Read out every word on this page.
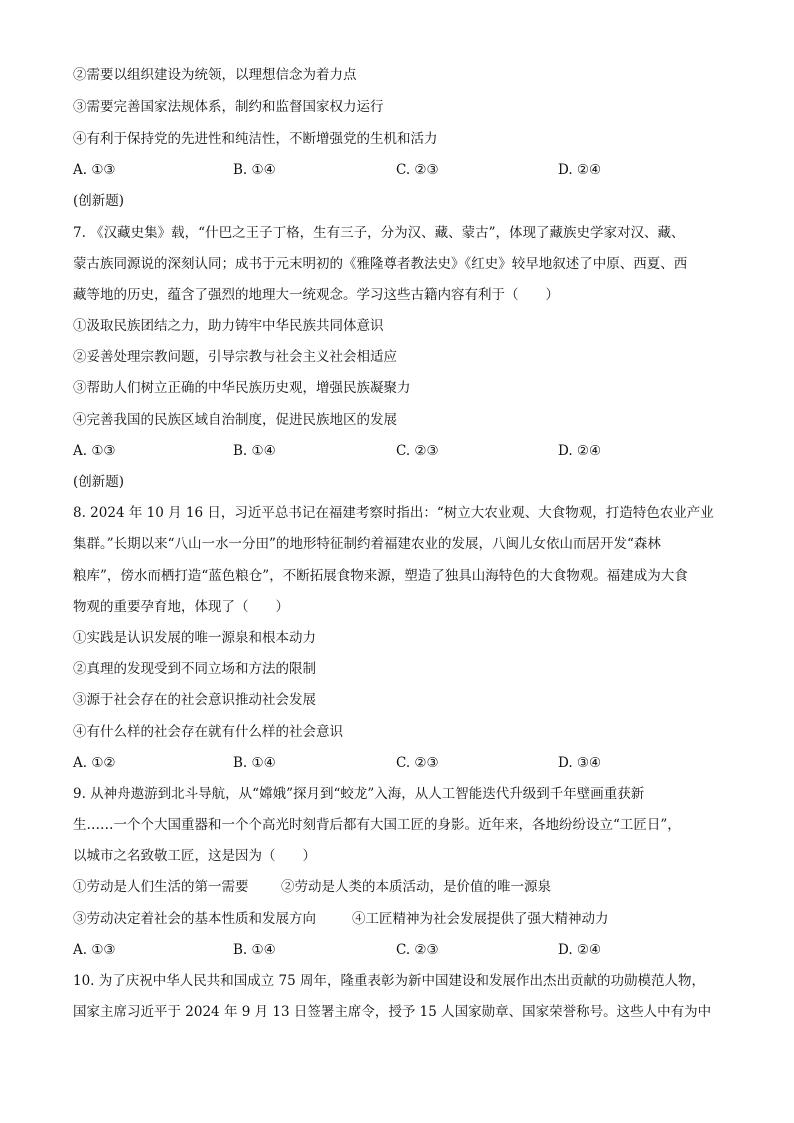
②需要以组织建设为统领，以理想信念为着力点
③需要完善国家法规体系，制约和监督国家权力运行
④有利于保持党的先进性和纯洁性，不断增强党的生机和活力
A. ①③	B. ①④	C. ②③	D. ②④
(创新题)
7. 《汉藏史集》载，“什巴之王子丁格，生有三子，分为汉、藏、蒙古”，体现了藏族史学家对汉、藏、
蒙古族同源说的深刻认同；成书于元末明初的《雅隆尊者教法史》《红史》较早地叙述了中原、西夏、西
藏等地的历史，蕴含了强烈的地理大一统观念。学习这些古籍内容有利于（　　）
①汲取民族团结之力，助力铸牢中华民族共同体意识
②妥善处理宗教问题，引导宗教与社会主义社会相适应
③帮助人们树立正确的中华民族历史观，增强民族凝聚力
④完善我国的民族区域自治制度，促进民族地区的发展
A. ①③	B. ①④	C. ②③	D. ②④
(创新题)
8. 2024 年 10 月 16 日，习近平总书记在福建考察时指出：“树立大农业观、大食物观，打造特色农业产业
集群。”长期以来“八山一水一分田”的地形特征制约着福建农业的发展，八闽儿女依山而居开发“森林
粮库”，傍水而栖打造“蓝色粮仓”，不断拓展食物来源，塑造了独具山海特色的大食物观。福建成为大食
物观的重要孕育地，体现了（　　）
①实践是认识发展的唯一源泉和根本动力
②真理的发现受到不同立场和方法的限制
③源于社会存在的社会意识推动社会发展
④有什么样的社会存在就有什么样的社会意识
A. ①②	B. ①④	C. ②③	D. ③④
9. 从神舟遨游到北斗导航，从“嫦娥”探月到“蛟龙”入海，从人工智能迭代升级到千年壁画重获新
生……一个个大国重器和一个个高光时刻背后都有大国工匠的身影。近年来，各地纷纷设立“工匠日”，
以城市之名致敬工匠，这是因为（　　）
①劳动是人们生活的第一需要 ②劳动是人类的本质活动，是价值的唯一源泉
③劳动决定着社会的基本性质和发展方向	④工匠精神为社会发展提供了强大精神动力
A. ①③	B. ①④	C. ②③	D. ②④
10. 为了庆祝中华人民共和国成立 75 周年，隆重表彰为新中国建设和发展作出杰出贡献的功勋模范人物，
国家主席习近平于 2024 年 9 月 13 日签署主席令，授予 15 人国家勋章、国家荣誉称号。这些人中有为中
